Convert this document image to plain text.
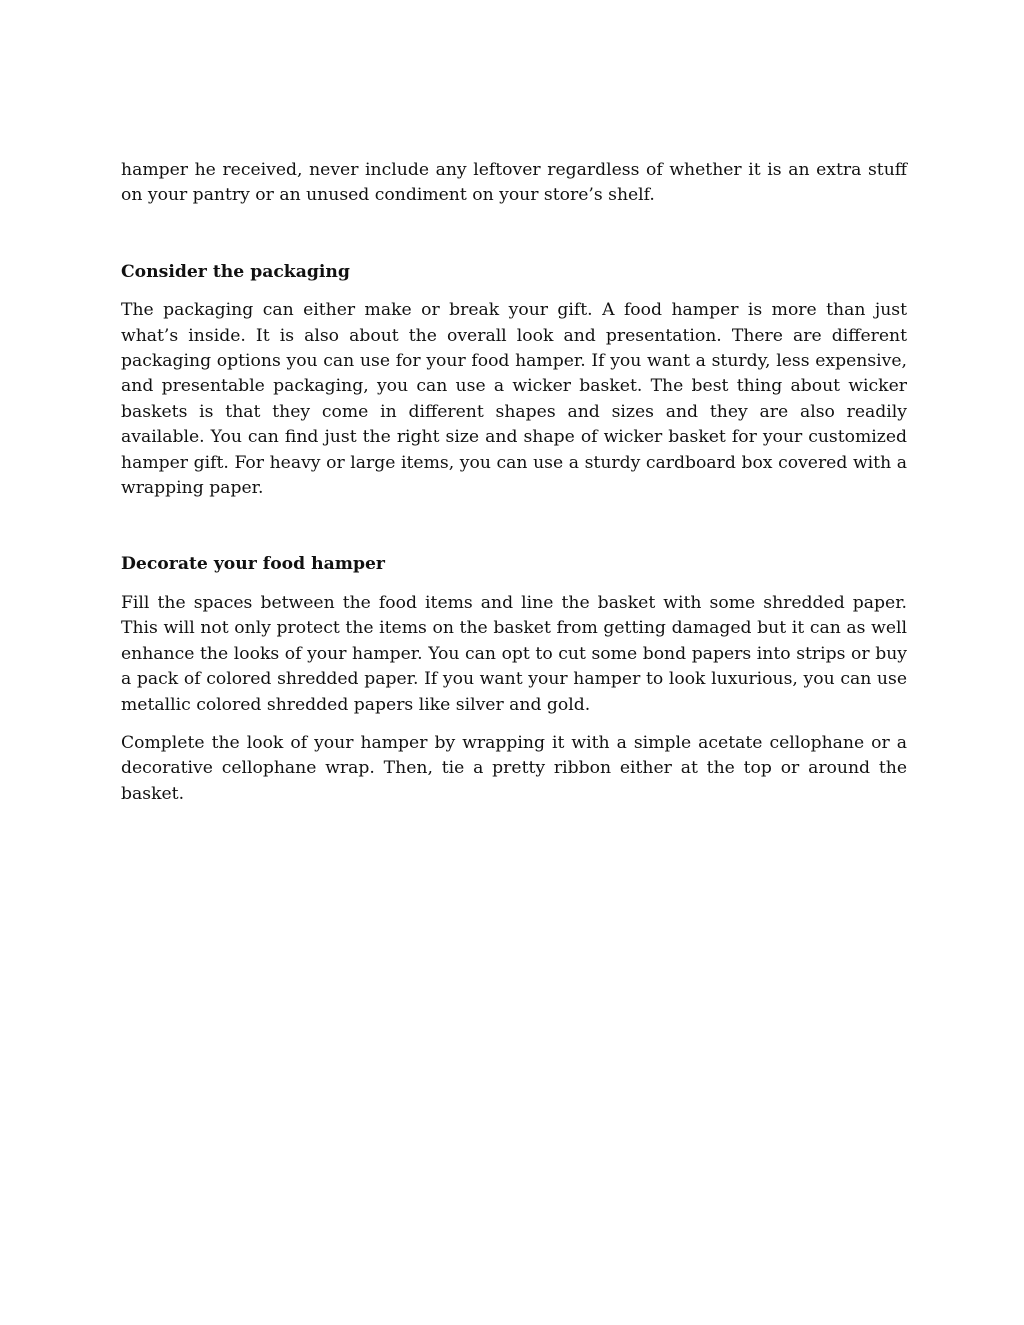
hamper he received, never include any leftover regardless of whether it is an extra stuff on your pantry or an unused condiment on your store’s shelf.

Consider the packaging

The packaging can either make or break your gift. A food hamper is more than just what’s inside. It is also about the overall look and presentation. There are different packaging options you can use for your food hamper. If you want a sturdy, less expensive, and presentable packaging, you can use a wicker basket. The best thing about wicker baskets is that they come in different shapes and sizes and they are also readily available. You can find just the right size and shape of wicker basket for your customized hamper gift. For heavy or large items, you can use a sturdy cardboard box covered with a wrapping paper.

Decorate your food hamper

Fill the spaces between the food items and line the basket with some shredded paper. This will not only protect the items on the basket from getting damaged but it can as well enhance the looks of your hamper. You can opt to cut some bond papers into strips or buy a pack of colored shredded paper. If you want your hamper to look luxurious, you can use metallic colored shredded papers like silver and gold.

Complete the look of your hamper by wrapping it with a simple acetate cellophane or a decorative cellophane wrap. Then, tie a pretty ribbon either at the top or around the basket.
